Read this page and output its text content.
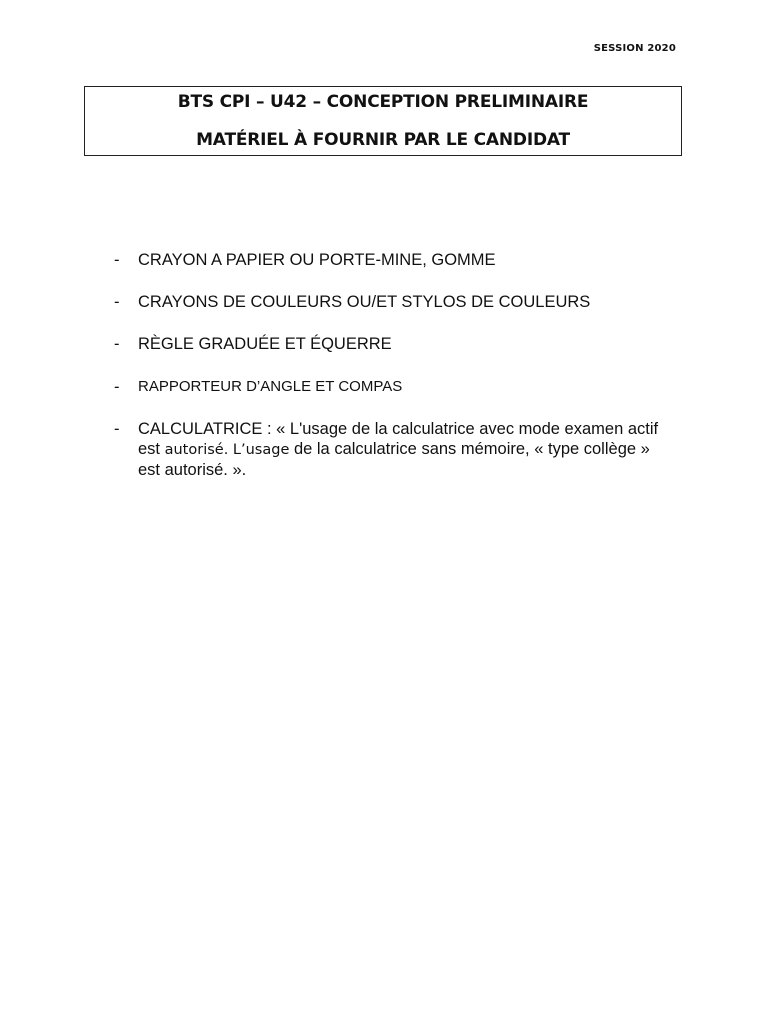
SESSION 2020
BTS CPI – U42 – CONCEPTION PRELIMINAIRE
MATÉRIEL À FOURNIR PAR LE CANDIDAT
-	CRAYON A PAPIER OU PORTE-MINE, GOMME
-	CRAYONS DE COULEURS OU/ET STYLOS DE COULEURS
-	RÈGLE GRADUÉE ET ÉQUERRE
-	RAPPORTEUR D’ANGLE ET COMPAS
-	CALCULATRICE : « L'usage de la calculatrice avec mode examen actif est autorisé. L’usage de la calculatrice sans mémoire, « type collège » est autorisé. ».
